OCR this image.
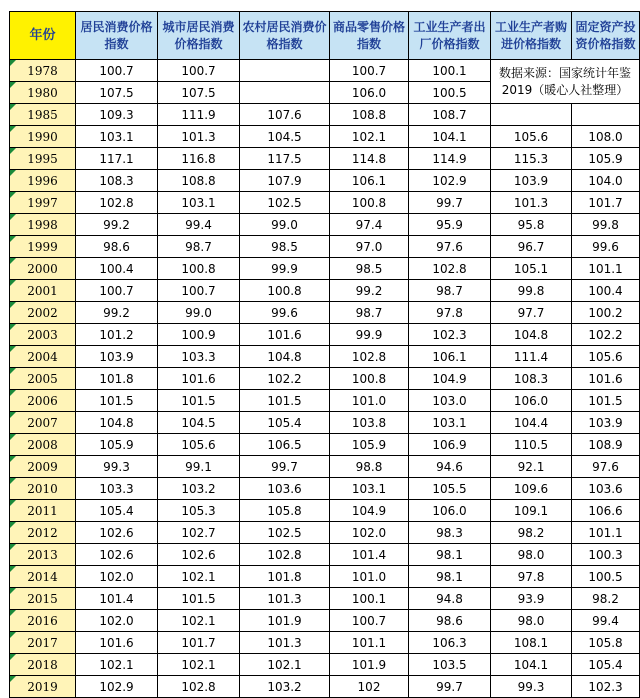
年份	居民消费价格指数	城市居民消费价格指数	农村居民消费价格指数	商品零售价格指数	工业生产者出厂价格指数	工业生产者购进价格指数	固定资产投资价格指数
1978	100.7	100.7		100.7	100.1	数据来源：国家统计年鉴2019（暖心人社整理）	
1980	107.5	107.5		106.0	100.5		
1985	109.3	111.9	107.6	108.8	108.7		
1990	103.1	101.3	104.5	102.1	104.1	105.6	108.0
1995	117.1	116.8	117.5	114.8	114.9	115.3	105.9
1996	108.3	108.8	107.9	106.1	102.9	103.9	104.0
1997	102.8	103.1	102.5	100.8	99.7	101.3	101.7
1998	99.2	99.4	99.0	97.4	95.9	95.8	99.8
1999	98.6	98.7	98.5	97.0	97.6	96.7	99.6
2000	100.4	100.8	99.9	98.5	102.8	105.1	101.1
2001	100.7	100.7	100.8	99.2	98.7	99.8	100.4
2002	99.2	99.0	99.6	98.7	97.8	97.7	100.2
2003	101.2	100.9	101.6	99.9	102.3	104.8	102.2
2004	103.9	103.3	104.8	102.8	106.1	111.4	105.6
2005	101.8	101.6	102.2	100.8	104.9	108.3	101.6
2006	101.5	101.5	101.5	101.0	103.0	106.0	101.5
2007	104.8	104.5	105.4	103.8	103.1	104.4	103.9
2008	105.9	105.6	106.5	105.9	106.9	110.5	108.9
2009	99.3	99.1	99.7	98.8	94.6	92.1	97.6
2010	103.3	103.2	103.6	103.1	105.5	109.6	103.6
2011	105.4	105.3	105.8	104.9	106.0	109.1	106.6
2012	102.6	102.7	102.5	102.0	98.3	98.2	101.1
2013	102.6	102.6	102.8	101.4	98.1	98.0	100.3
2014	102.0	102.1	101.8	101.0	98.1	97.8	100.5
2015	101.4	101.5	101.3	100.1	94.8	93.9	98.2
2016	102.0	102.1	101.9	100.7	98.6	98.0	99.4
2017	101.6	101.7	101.3	101.1	106.3	108.1	105.8
2018	102.1	102.1	102.1	101.9	103.5	104.1	105.4
2019	102.9	102.8	103.2	102	99.7	99.3	102.3
